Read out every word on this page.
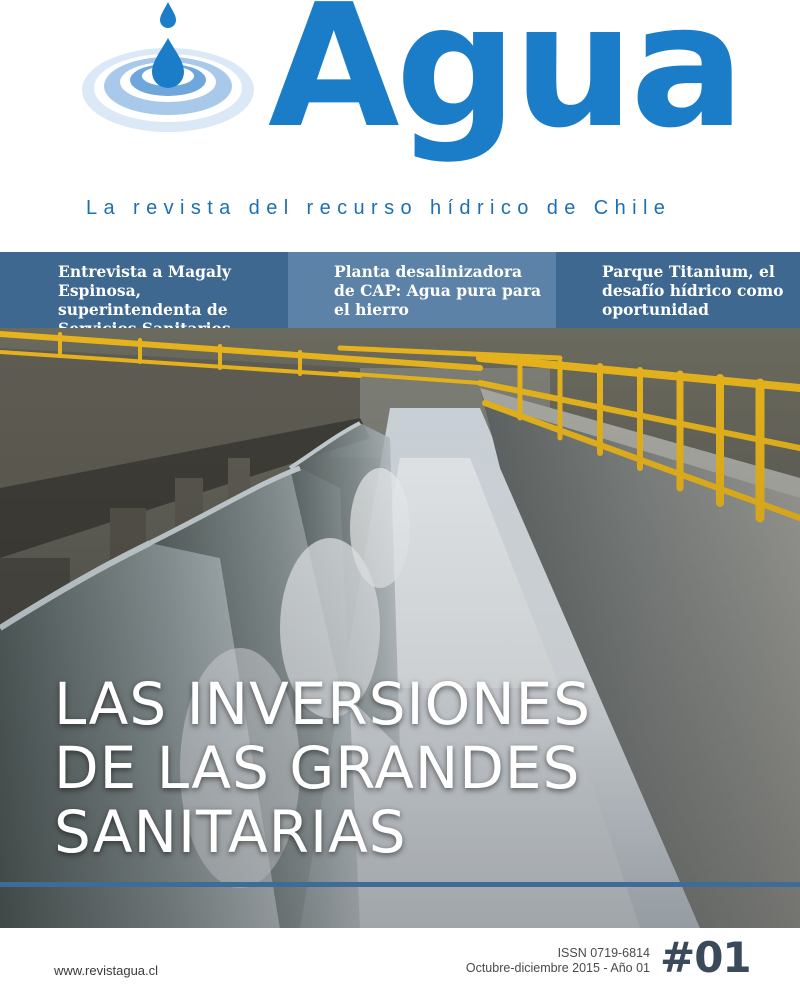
Agua
La revista del recurso hídrico de Chile
Entrevista a Magaly Espinosa, superintendenta de
Planta desalinizadora de CAP: Agua pura para el hierro
Parque Titanium, el desafío hídrico como oportunidad
LAS INVERSIONES
DE LAS GRANDES
SANITARIAS
www.revistagua.cl
ISSN 0719-6814
Octubre-diciembre 2015 - Año 01 #01
